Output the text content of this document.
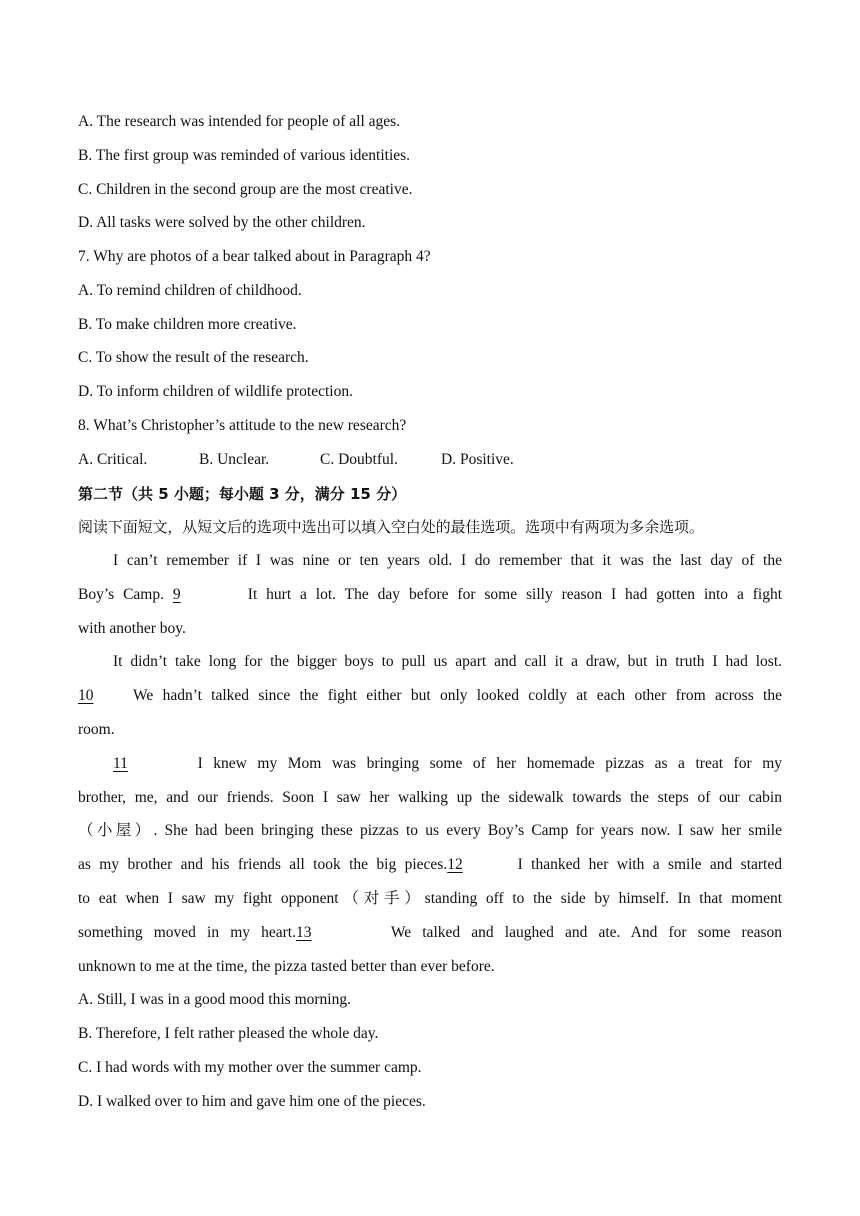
A. The research was intended for people of all ages.
B. The first group was reminded of various identities.
C. Children in the second group are the most creative.
D. All tasks were solved by the other children.
7. Why are photos of a bear talked about in Paragraph 4?
A. To remind children of childhood.
B. To make children more creative.
C. To show the result of the research.
D. To inform children of wildlife protection.
8. What’s Christopher’s attitude to the new research?
A. Critical.	B. Unclear.	C. Doubtful.	D. Positive.
第二节（共 5 小题；每小题 3 分，满分 15 分）
阅读下面短文，从短文后的选项中选出可以填入空白处的最佳选项。选项中有两项为多余选项。
I can’t remember if I was nine or ten years old. I do remember that it was the last day of the
Boy’s Camp. 9	It hurt a lot. The day before for some silly reason I had gotten into a fight
with another boy.
It didn’t take long for the bigger boys to pull us apart and call it a draw, but in truth I had lost.
10	We hadn’t talked since the fight either but only looked coldly at each other from across the
room.
11	I knew my Mom was bringing some of her homemade pizzas as a treat for my
brother, me, and our friends. Soon I saw her walking up the sidewalk towards the steps of our cabin
（小屋）. She had been bringing these pizzas to us every Boy’s Camp for years now. I saw her smile
as my brother and his friends all took the big pieces.12	I thanked her with a smile and started
to eat when I saw my fight opponent（对手）standing off to the side by himself. In that moment
something moved in my heart.13	We talked and laughed and ate. And for some reason
unknown to me at the time, the pizza tasted better than ever before.
A. Still, I was in a good mood this morning.
B. Therefore, I felt rather pleased the whole day.
C. I had words with my mother over the summer camp.
D. I walked over to him and gave him one of the pieces.
